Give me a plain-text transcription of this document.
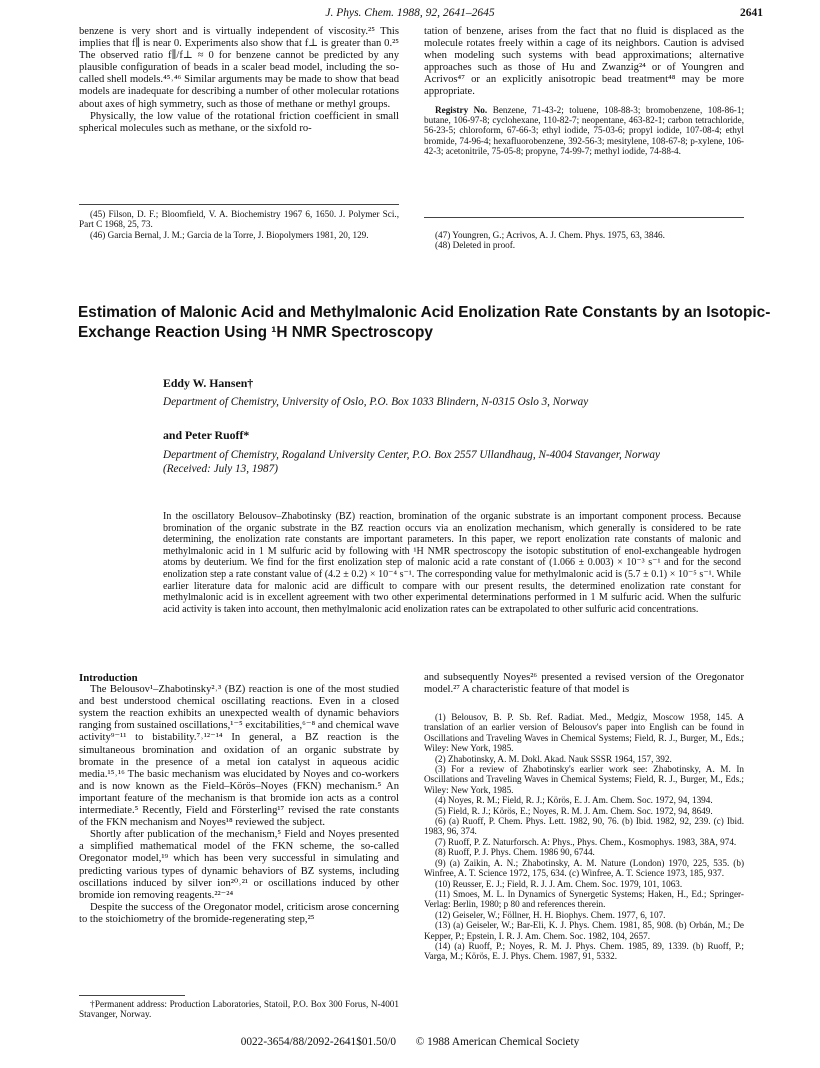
J. Phys. Chem. 1988, 92, 2641–2645	2641

benzene is very short and is virtually independent of viscosity.²⁵ This implies that f∥ is near 0. Experiments also show that f⊥ is greater than 0.²⁵ The observed ratio f∥/f⊥ ≈ 0 for benzene cannot be predicted by any plausible configuration of beads in a scaler bead model, including the so-called shell models.⁴⁵˒⁴⁶ Similar arguments may be made to show that bead models are inadequate for describing a number of other molecular rotations about axes of high symmetry, such as those of methane or methyl groups.

Physically, the low value of the rotational friction coefficient in small spherical molecules such as methane, or the sixfold ro-

(45) Filson, D. F.; Bloomfield, V. A. Biochemistry 1967 6, 1650. J. Polymer Sci., Part C 1968, 25, 73.

(46) Garcia Bernal, J. M.; Garcia de la Torre, J. Biopolymers 1981, 20, 129.

tation of benzene, arises from the fact that no fluid is displaced as the molecule rotates freely within a cage of its neighbors. Caution is advised when modeling such systems with bead approximations; alternative approaches such as those of Hu and Zwanzig²⁴ or of Youngren and Acrivos⁴⁷ or an explicitly anisotropic bead treatment⁴⁸ may be more appropriate.

Registry No. Benzene, 71-43-2; toluene, 108-88-3; bromobenzene, 108-86-1; butane, 106-97-8; cyclohexane, 110-82-7; neopentane, 463-82-1; carbon tetrachloride, 56-23-5; chloroform, 67-66-3; ethyl iodide, 75-03-6; propyl iodide, 107-08-4; ethyl bromide, 74-96-4; hexafluorobenzene, 392-56-3; mesitylene, 108-67-8; p-xylene, 106-42-3; acetonitrile, 75-05-8; propyne, 74-99-7; methyl iodide, 74-88-4.

(47) Youngren, G.; Acrivos, A. J. Chem. Phys. 1975, 63, 3846.

(48) Deleted in proof.

Estimation of Malonic Acid and Methylmalonic Acid Enolization Rate Constants by an Isotopic-Exchange Reaction Using ¹H NMR Spectroscopy
Eddy W. Hansen†
Department of Chemistry, University of Oslo, P.O. Box 1033 Blindern, N-0315 Oslo 3, Norway
and Peter Ruoff*
Department of Chemistry, Rogaland University Center, P.O. Box 2557 Ullandhaug, N-4004 Stavanger, Norway
(Received: July 13, 1987)
In the oscillatory Belousov–Zhabotinsky (BZ) reaction, bromination of the organic substrate is an important component process. Because bromination of the organic substrate in the BZ reaction occurs via an enolization mechanism, which generally is considered to be rate determining, the enolization rate constants are important parameters. In this paper, we report enolization rate constants of malonic and methylmalonic acid in 1 M sulfuric acid by following with ¹H NMR spectroscopy the isotopic substitution of enol-exchangeable hydrogen atoms by deuterium. We find for the first enolization step of malonic acid a rate constant of (1.066 ± 0.003) × 10⁻³ s⁻¹ and for the second enolization step a rate constant value of (4.2 ± 0.2) × 10⁻⁴ s⁻¹. The corresponding value for methylmalonic acid is (5.7 ± 0.1) × 10⁻⁵ s⁻¹. While earlier literature data for malonic acid are difficult to compare with our present results, the determined enolization rate constant for methylmalonic acid is in excellent agreement with two other experimental determinations performed in 1 M sulfuric acid. When the sulfuric acid activity is taken into account, then methylmalonic acid enolization rates can be extrapolated to other sulfuric acid concentrations.
Introduction

The Belousov¹–Zhabotinsky²˒³ (BZ) reaction is one of the most studied and best understood chemical oscillating reactions. Even in a closed system the reaction exhibits an unexpected wealth of dynamic behaviors ranging from sustained oscillations,¹⁻⁵ excitabilities,⁶⁻⁸ and chemical wave activity⁹⁻¹¹ to bistability.⁷˒¹²⁻¹⁴ In general, a BZ reaction is the simultaneous bromination and oxidation of an organic substrate by bromate in the presence of a metal ion catalyst in aqueous acidic media.¹⁵˒¹⁶ The basic mechanism was elucidated by Noyes and co-workers and is now known as the Field–Körös–Noyes (FKN) mechanism.⁵ An important feature of the mechanism is that bromide ion acts as a control intermediate.⁵ Recently, Field and Försterling¹⁷ revised the rate constants of the FKN mechanism and Noyes¹⁸ reviewed the subject.

Shortly after publication of the mechanism,⁵ Field and Noyes presented a simplified mathematical model of the FKN scheme, the so-called Oregonator model,¹⁹ which has been very successful in simulating and predicting various types of dynamic behaviors of BZ systems, including oscillations induced by silver ion²⁰˒²¹ or oscillations induced by other bromide ion removing reagents.²²⁻²⁴

Despite the success of the Oregonator model, criticism arose concerning to the stoichiometry of the bromide-regenerating step,²⁵

†Permanent address: Production Laboratories, Statoil, P.O. Box 300 Forus, N-4001 Stavanger, Norway.

and subsequently Noyes²⁶ presented a revised version of the Oregonator model.²⁷ A characteristic feature of that model is

(1) Belousov, B. P. Sb. Ref. Radiat. Med., Medgiz, Moscow 1958, 145. A translation of an earlier version of Belousov's paper into English can be found in Oscillations and Traveling Waves in Chemical Systems; Field, R. J., Burger, M., Eds.; Wiley: New York, 1985.

(2) Zhabotinsky, A. M. Dokl. Akad. Nauk SSSR 1964, 157, 392.

(3) For a review of Zhabotinsky's earlier work see: Zhabotinsky, A. M. In Oscillations and Traveling Waves in Chemical Systems; Field, R. J., Burger, M., Eds.; Wiley: New York, 1985.

(4) Noyes, R. M.; Field, R. J.; Körös, E. J. Am. Chem. Soc. 1972, 94, 1394.

(5) Field, R. J.; Körös, E.; Noyes, R. M. J. Am. Chem. Soc. 1972, 94, 8649.

(6) (a) Ruoff, P. Chem. Phys. Lett. 1982, 90, 76. (b) Ibid. 1982, 92, 239. (c) Ibid. 1983, 96, 374.

(7) Ruoff, P. Z. Naturforsch. A: Phys., Phys. Chem., Kosmophys. 1983, 38A, 974.

(8) Ruoff, P. J. Phys. Chem. 1986 90, 6744.

(9) (a) Zaikin, A. N.; Zhabotinsky, A. M. Nature (London) 1970, 225, 535. (b) Winfree, A. T. Science 1972, 175, 634. (c) Winfree, A. T. Science 1973, 185, 937.

(10) Reusser, E. J.; Field, R. J. J. Am. Chem. Soc. 1979, 101, 1063.

(11) Smoes, M. L. In Dynamics of Synergetic Systems; Haken, H., Ed.; Springer-Verlag: Berlin, 1980; p 80 and references therein.

(12) Geiseler, W.; Föllner, H. H. Biophys. Chem. 1977, 6, 107.

(13) (a) Geiseler, W.; Bar-Eli, K. J. Phys. Chem. 1981, 85, 908. (b) Orbán, M.; De Kepper, P.; Epstein, I. R. J. Am. Chem. Soc. 1982, 104, 2657.

(14) (a) Ruoff, P.; Noyes, R. M. J. Phys. Chem. 1985, 89, 1339. (b) Ruoff, P.; Varga, M.; Körös, E. J. Phys. Chem. 1987, 91, 5332.

0022-3654/88/2092-2641$01.50/0 © 1988 American Chemical Society
